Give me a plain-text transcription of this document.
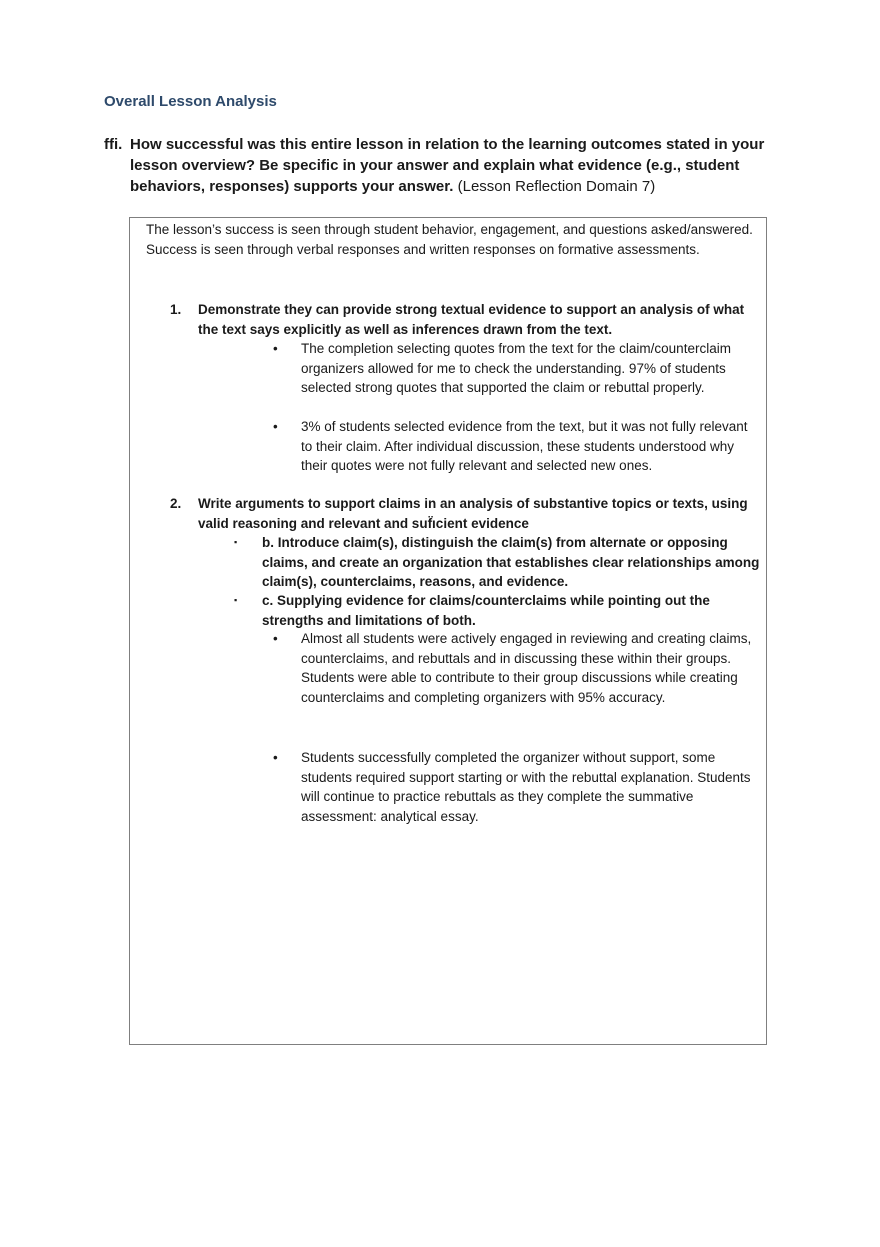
Overall Lesson Analysis
ffi. How successful was this entire lesson in relation to the learning outcomes stated in your lesson overview? Be specific in your answer and explain what evidence (e.g., student behaviors, responses) supports your answer. (Lesson Reflection Domain 7)
The lesson’s success is seen through student behavior, engagement, and questions asked/answered. Success is seen through verbal responses and written responses on formative assessments.
1. Demonstrate they can provide strong textual evidence to support an analysis of what the text says explicitly as well as inferences drawn from the text.
• The completion selecting quotes from the text for the claim/counterclaim organizers allowed for me to check the understanding. 97% of students selected strong quotes that supported the claim or rebuttal properly.
• 3% of students selected evidence from the text, but it was not fully relevant to their claim. After individual discussion, these students understood why their quotes were not fully relevant and selected new ones.
2. Write arguments to support claims in an analysis of substantive topics or texts, using valid reasoning and relevant and suf̈ıcient evidence
▪ b. Introduce claim(s), distinguish the claim(s) from alternate or opposing claims, and create an organization that establishes clear relationships among claim(s), counterclaims, reasons, and evidence.
▪ c. Supplying evidence for claims/counterclaims while pointing out the strengths and limitations of both.
• Almost all students were actively engaged in reviewing and creating claims, counterclaims, and rebuttals and in discussing these within their groups. Students were able to contribute to their group discussions while creating counterclaims and completing organizers with 95% accuracy.
• Students successfully completed the organizer without support, some students required support starting or with the rebuttal explanation. Students will continue to practice rebuttals as they complete the summative assessment: analytical essay.
